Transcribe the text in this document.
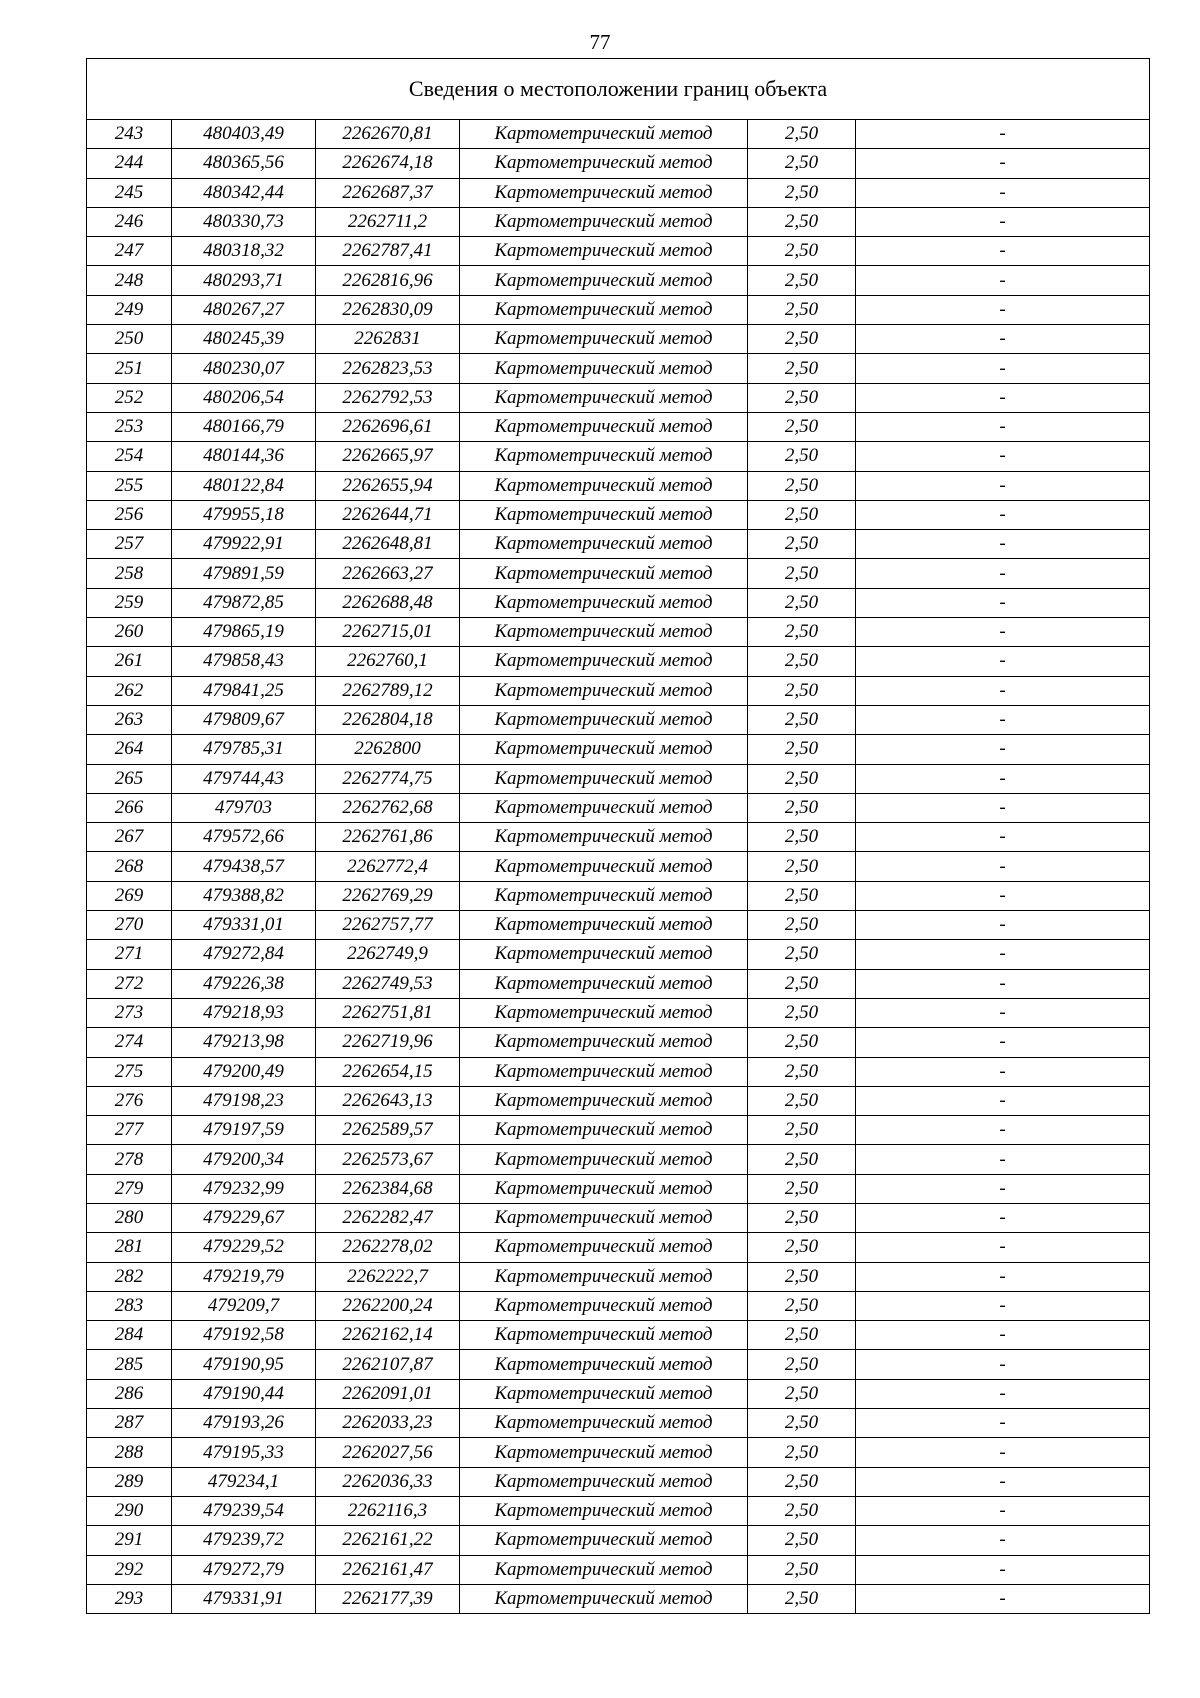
77
Сведения о местоположении границ объекта					
243	480403,49	2262670,81	Картометрический метод	2,50	-
244	480365,56	2262674,18	Картометрический метод	2,50	-
245	480342,44	2262687,37	Картометрический метод	2,50	-
246	480330,73	2262711,2	Картометрический метод	2,50	-
247	480318,32	2262787,41	Картометрический метод	2,50	-
248	480293,71	2262816,96	Картометрический метод	2,50	-
249	480267,27	2262830,09	Картометрический метод	2,50	-
250	480245,39	2262831	Картометрический метод	2,50	-
251	480230,07	2262823,53	Картометрический метод	2,50	-
252	480206,54	2262792,53	Картометрический метод	2,50	-
253	480166,79	2262696,61	Картометрический метод	2,50	-
254	480144,36	2262665,97	Картометрический метод	2,50	-
255	480122,84	2262655,94	Картометрический метод	2,50	-
256	479955,18	2262644,71	Картометрический метод	2,50	-
257	479922,91	2262648,81	Картометрический метод	2,50	-
258	479891,59	2262663,27	Картометрический метод	2,50	-
259	479872,85	2262688,48	Картометрический метод	2,50	-
260	479865,19	2262715,01	Картометрический метод	2,50	-
261	479858,43	2262760,1	Картометрический метод	2,50	-
262	479841,25	2262789,12	Картометрический метод	2,50	-
263	479809,67	2262804,18	Картометрический метод	2,50	-
264	479785,31	2262800	Картометрический метод	2,50	-
265	479744,43	2262774,75	Картометрический метод	2,50	-
266	479703	2262762,68	Картометрический метод	2,50	-
267	479572,66	2262761,86	Картометрический метод	2,50	-
268	479438,57	2262772,4	Картометрический метод	2,50	-
269	479388,82	2262769,29	Картометрический метод	2,50	-
270	479331,01	2262757,77	Картометрический метод	2,50	-
271	479272,84	2262749,9	Картометрический метод	2,50	-
272	479226,38	2262749,53	Картометрический метод	2,50	-
273	479218,93	2262751,81	Картометрический метод	2,50	-
274	479213,98	2262719,96	Картометрический метод	2,50	-
275	479200,49	2262654,15	Картометрический метод	2,50	-
276	479198,23	2262643,13	Картометрический метод	2,50	-
277	479197,59	2262589,57	Картометрический метод	2,50	-
278	479200,34	2262573,67	Картометрический метод	2,50	-
279	479232,99	2262384,68	Картометрический метод	2,50	-
280	479229,67	2262282,47	Картометрический метод	2,50	-
281	479229,52	2262278,02	Картометрический метод	2,50	-
282	479219,79	2262222,7	Картометрический метод	2,50	-
283	479209,7	2262200,24	Картометрический метод	2,50	-
284	479192,58	2262162,14	Картометрический метод	2,50	-
285	479190,95	2262107,87	Картометрический метод	2,50	-
286	479190,44	2262091,01	Картометрический метод	2,50	-
287	479193,26	2262033,23	Картометрический метод	2,50	-
288	479195,33	2262027,56	Картометрический метод	2,50	-
289	479234,1	2262036,33	Картометрический метод	2,50	-
290	479239,54	2262116,3	Картометрический метод	2,50	-
291	479239,72	2262161,22	Картометрический метод	2,50	-
292	479272,79	2262161,47	Картометрический метод	2,50	-
293	479331,91	2262177,39	Картометрический метод	2,50	-
